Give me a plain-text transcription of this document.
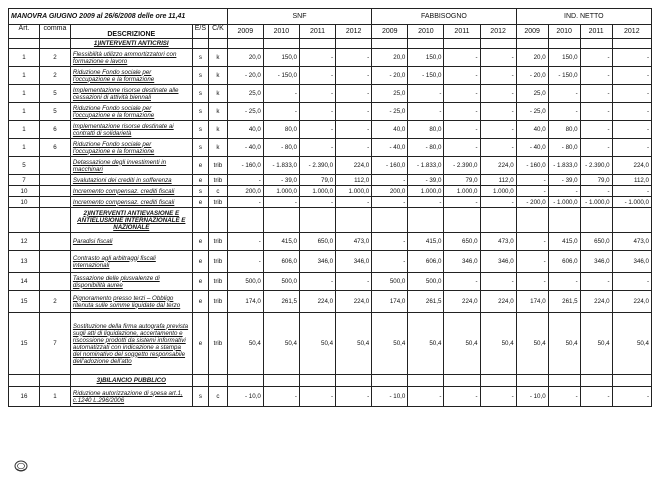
MANOVRA GIUGNO 2009 al 26/6/2008 delle ore 11,41					SNF				FABBISOGNO				IND. NETTO			
Art.	comma	DESCRIZIONE	E/S	C/K	2009	2010	2011	2012	2009	2010	2011	2012	2009	2010	2011	2012
		1)INTERVENTI ANTICRISI														
1	2	Flessibilità utilizzo ammortizzatori con formazione e lavoro	s	k	20,0	150,0	-	-	20,0	150,0	-	-	20,0	150,0	-	-
1	2	Riduzione Fondo sociale per l'occupazione e la formazione	s	k	- 20,0	- 150,0	-	-	- 20,0	- 150,0	-	-	- 20,0	- 150,0	-	-
1	5	Implementazione risorse destinate alle cessazioni di attività biennali	s	k	25,0	-	-	-	25,0	-	-	-	25,0	-	-	-
1	5	Riduzione Fondo sociale per l'occupazione e la formazione	s	k	- 25,0	-	-	-	- 25,0	-	-	-	- 25,0	-	-	-
1	6	Implementazione risorse destinate ai contratti di solidarietà	s	k	40,0	80,0	-	-	40,0	80,0	-	-	40,0	80,0	-	-
1	6	Riduzione Fondo sociale per l'occupazione e la formazione	s	k	- 40,0	- 80,0	-	-	- 40,0	- 80,0	-	-	- 40,0	- 80,0	-	-
5		Detassazione degli investimenti in macchinari	e	trib	- 160,0	- 1.833,0	- 2.390,0	224,0	- 160,0	- 1.833,0	- 2.390,0	224,0	- 160,0	- 1.833,0	- 2.390,0	224,0
7		Svalutazioni dei crediti in sofferenza	e	trib	-	- 39,0	79,0	112,0	-	- 39,0	79,0	112,0	-	- 39,0	79,0	112,0
10		Incremento compensaz. crediti fiscali	s	c	200,0	1.000,0	1.000,0	1.000,0	200,0	1.000,0	1.000,0	1.000,0	-	-	-	-
10		Incremento compensaz. crediti fiscali	e	trib	-	-	-	-	-	-	-	-	- 200,0	- 1.000,0	- 1.000,0	- 1.000,0
		2)INTERVENTI ANTIEVASIONE E ANTIELUSIONE INTERNAZIONALE E NAZIONALE														
12		Paradisi fiscali	e	trib	-	415,0	650,0	473,0	-	415,0	650,0	473,0	-	415,0	650,0	473,0
13		Contrasto agli arbitraggi fiscali internazionali	e	trib	-	606,0	346,0	346,0	-	606,0	346,0	346,0	-	606,0	346,0	346,0
14		Tassazione delle plusvalenze di disponibilità auree	e	trib	500,0	500,0	-	-	500,0	500,0	-	-	-	-	-	-
15	2	Pignoramento presso terzi – Obbligo ritenuta sulle somme liquidate dal terzo	e	trib	174,0	261,5	224,0	224,0	174,0	261,5	224,0	224,0	174,0	261,5	224,0	224,0
15	7	Sostituzione della firma autografa prevista sugli atti di liquidazione, accertamento e riscossione prodotti da sistemi informativi automatizzati con indicazione a stampa del nominativo del soggetto responsabile dell'adozione dell'atto	e	trib	50,4	50,4	50,4	50,4	50,4	50,4	50,4	50,4	50,4	50,4	50,4	50,4
		3)BILANCIO PUBBLICO														
16	1	Riduzione autorizzazione di spesa art.1, c.1240 L.296/2006	s	c	- 10,0	-	-	-	- 10,0	-	-	-	- 10,0	-	-	-
